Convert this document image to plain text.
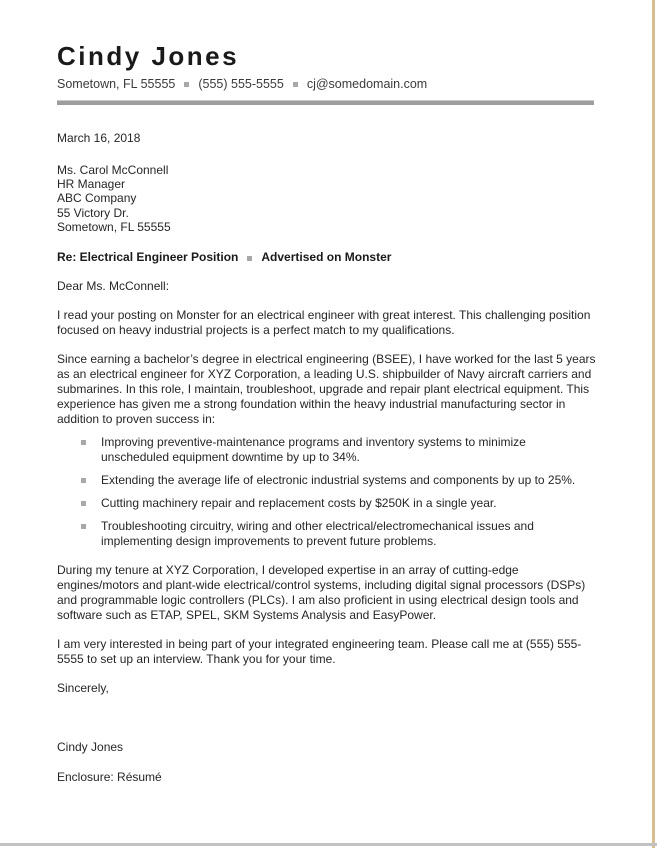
Cindy Jones
Sometown, FL 55555 (555) 555-5555 cj@somedomain.com
March 16, 2018
Ms. Carol McConnell
HR Manager
ABC Company
55 Victory Dr.
Sometown, FL 55555
Re: Electrical Engineer Position Advertised on Monster

Dear Ms. McConnell:

I read your posting on Monster for an electrical engineer with great interest. This challenging position focused on heavy industrial projects is a perfect match to my qualifications.

Since earning a bachelor’s degree in electrical engineering (BSEE), I have worked for the last 5 years as an electrical engineer for XYZ Corporation, a leading U.S. shipbuilder of Navy aircraft carriers and submarines. In this role, I maintain, troubleshoot, upgrade and repair plant electrical equipment. This experience has given me a strong foundation within the heavy industrial manufacturing sector in addition to proven success in:

Improving preventive-maintenance programs and inventory systems to minimize unscheduled equipment downtime by up to 34%.
Extending the average life of electronic industrial systems and components by up to 25%.
Cutting machinery repair and replacement costs by $250K in a single year.
Troubleshooting circuitry, wiring and other electrical/electromechanical issues and implementing design improvements to prevent future problems.

During my tenure at XYZ Corporation, I developed expertise in an array of cutting-edge engines/motors and plant-wide electrical/control systems, including digital signal processors (DSPs) and programmable logic controllers (PLCs). I am also proficient in using electrical design tools and software such as ETAP, SPEL, SKM Systems Analysis and EasyPower.

I am very interested in being part of your integrated engineering team. Please call me at (555) 555-5555 to set up an interview. Thank you for your time.

Sincerely,

Cindy Jones

Enclosure: Résumé
